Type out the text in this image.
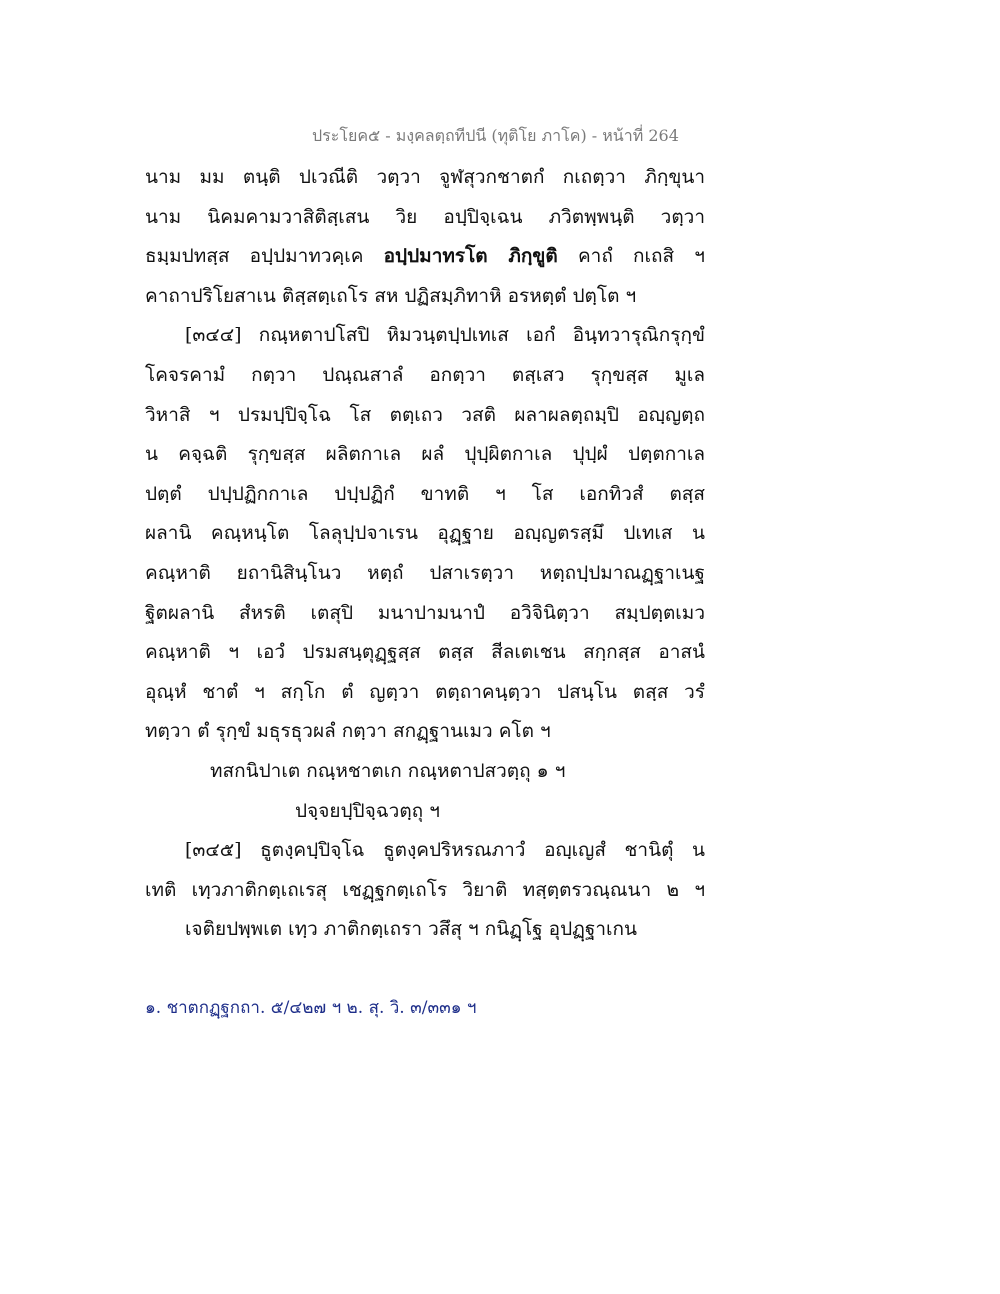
ประโยค๕ - มงฺคลตฺถทีปนี (ทุติโย ภาโค) - หน้าที่ 264
นาม มม ตนฺติ ปเวณีติ วตฺวา จูฬสุวกชาตกํ กเถตฺวา ภิกฺขุนา
นาม นิคมคามวาสิติสฺเสน วิย อปฺปิจฺเฉน ภวิตพฺพนฺติ วตฺวา
ธมฺมปทสฺส อปฺปมาทวคฺเค อปฺปมาทรโต ภิกฺขูติ คาถํ กเถสิ ฯ
คาถาปริโยสาเน ติสฺสตฺเถโร สห ปฏิสมฺภิทาหิ อรหตฺตํ ปตฺโต ฯ
[๓๔๔] กณฺหตาปโสปิ หิมวนฺตปฺปเทเส เอกํ อินฺทวารุณิกรุกฺขํ
โคจรคามํ กตฺวา ปณฺณสาลํ อกตฺวา ตสฺเสว รุกฺขสฺส มูเล
วิหาสิ ฯ ปรมปฺปิจฺโฉ โส ตตฺเถว วสติ ผลาผลตฺถมฺปิ อญฺญตฺถ
น คจฺฉติ รุกฺขสฺส ผลิตกาเล ผลํ ปุปฺผิตกาเล ปุปฺผํ ปตฺตกาเล
ปตฺตํ ปปฺปฏิกกาเล ปปฺปฏิกํ ขาทติ ฯ โส เอกทิวสํ ตสฺส
ผลานิ คณฺหนฺโต โลลุปฺปจาเรน อุฏฺฐาย อญฺญตรสฺมึ ปเทเส น
คณฺหาติ ยถานิสินฺโนว หตฺถํ ปสาเรตฺวา หตฺถปฺปมาณฏฺฐาเนฐ
ฐิตผลานิ สํหรติ เตสุปิ มนาปามนาปํ อวิจินิตฺวา สมฺปตฺตเมว
คณฺหาติ ฯ เอวํ ปรมสนฺตุฏฺฐสฺส ตสฺส สีลเตเชน สกฺกสฺส อาสนํ
อุณฺหํ ชาตํ ฯ สกฺโก ตํ ญตฺวา ตตฺถาคนฺตฺวา ปสนฺโน ตสฺส วรํ
ทตฺวา ตํ รุกฺขํ มธุรธุวผลํ กตฺวา สกฏฺฐานเมว คโต ฯ
ทสกนิปาเต กณฺหชาตเก กณฺหตาปสวตฺถุ ๑ ฯ
ปจฺจยปฺปิจฺฉวตฺถุ ฯ
[๓๔๕] ธูตงฺคปฺปิจฺโฉ ธูตงฺคปริหรณภาวํ อญฺเญสํ ชานิตุํ น
เทติ เทฺวภาติกตฺเถเรสุ เชฏฺฐกตฺเถโร วิยาติ ทสฺตฺตรวณฺณนา ๒ ฯ
เจติยปพฺพเต เทฺว ภาติกตฺเถรา วสึสุ ฯ กนิฏฺโฐ อุปฏฺฐาเกน
๑. ชาตกฏฺฐกถา. ๕/๔๒๗ ฯ ๒. สุ. วิ. ๓/๓๓๑ ฯ
